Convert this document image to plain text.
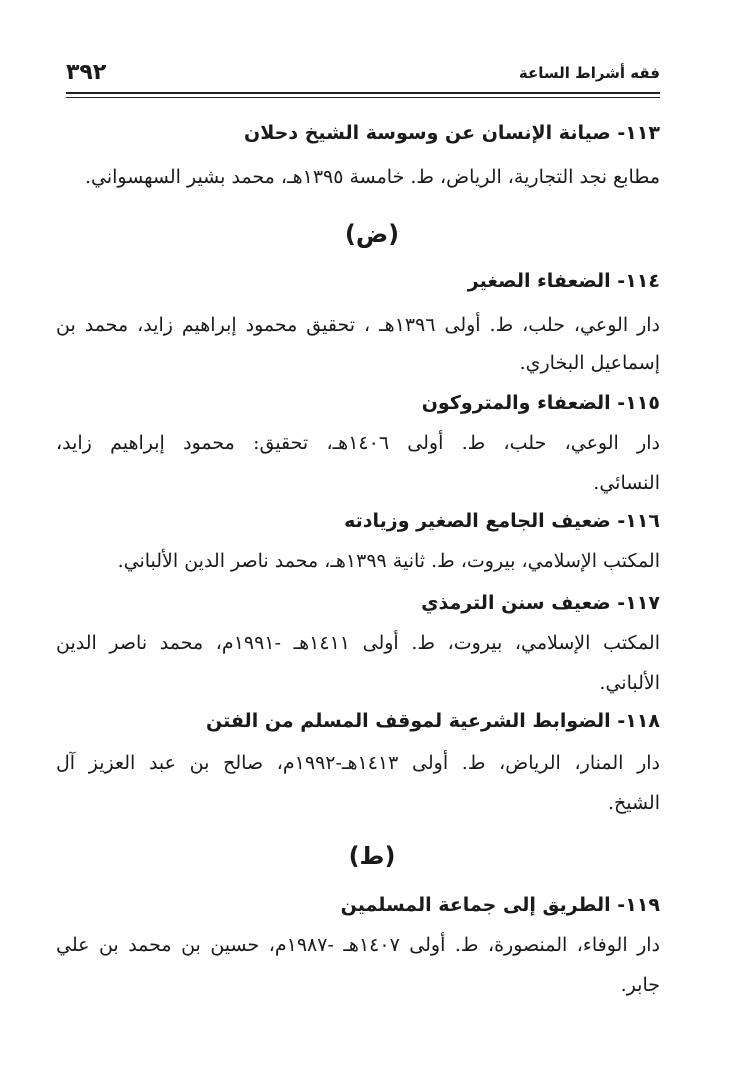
٣٩٢	فقه أشراط الساعة
١١٣- صيانة الإنسان عن وسوسة الشيخ دحلان
مطابع نجد التجارية، الرياض، ط. خامسة ١٣٩٥هـ، محمد بشير السهسواني.
(ض)
١١٤- الضعفاء الصغير
دار الوعي، حلب، ط. أولى ١٣٩٦هـ ، تحقيق محمود إبراهيم زايد، محمد بن
إسماعيل البخاري.
١١٥- الضعفاء والمتروكون
دار الوعي، حلب، ط. أولى ١٤٠٦هـ، تحقيق: محمود إبراهيم زايد،
النسائي.
١١٦- ضعيف الجامع الصغير وزيادته
المكتب الإسلامي، بيروت، ط. ثانية ١٣٩٩هـ، محمد ناصر الدين الألباني.
١١٧- ضعيف سنن الترمذي
المكتب الإسلامي، بيروت، ط. أولى ١٤١١هـ -١٩٩١م، محمد ناصر الدين
الألباني.
١١٨- الضوابط الشرعية لموقف المسلم من الفتن
دار المنار، الرياض، ط. أولى ١٤١٣هـ-١٩٩٢م، صالح بن عبد العزيز آل
الشيخ.
(ط)
١١٩- الطريق إلى جماعة المسلمين
دار الوفاء، المنصورة، ط. أولى ١٤٠٧هـ -١٩٨٧م، حسين بن محمد بن علي
جابر.
